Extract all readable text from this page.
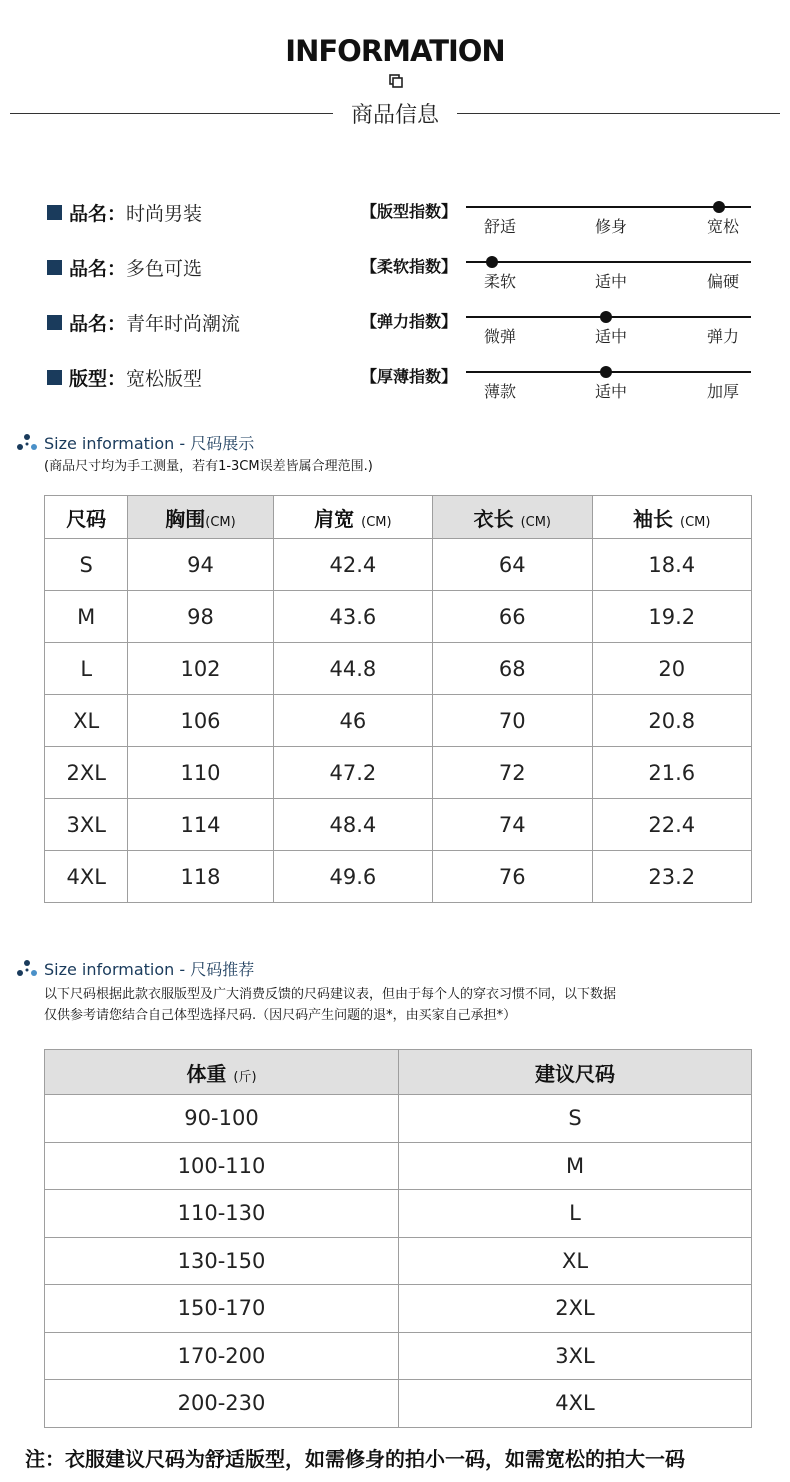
INFORMATION
商品信息
品名： 时尚男装
品名： 多色可选
品名： 青年时尚潮流
版型： 宽松版型
【版型指数】
舒适	修身	宽松
【柔软指数】
柔软	适中	偏硬
【弹力指数】
微弹	适中	弹力
【厚薄指数】
薄款	适中	加厚
Size information - 尺码展示
(商品尺寸均为手工测量，若有1-3CM误差皆属合理范围.)
尺码	胸围(CM)	肩宽 (CM)	衣长 (CM)	袖长 (CM)
S	94	42.4	64	18.4
M	98	43.6	66	19.2
L	102	44.8	68	20
XL	106	46	70	20.8
2XL	110	47.2	72	21.6
3XL	114	48.4	74	22.4
4XL	118	49.6	76	23.2
Size information - 尺码推荐
以下尺码根据此款衣服版型及广大消费反馈的尺码建议表，但由于每个人的穿衣习惯不同，以下数据
仅供参考请您结合自己体型选择尺码.（因尺码产生问题的退*，由买家自己承担*）
体重 (斤)	建议尺码
90-100	S
100-110	M
110-130	L
130-150	XL
150-170	2XL
170-200	3XL
200-230	4XL
注：衣服建议尺码为舒适版型，如需修身的拍小一码，如需宽松的拍大一码
